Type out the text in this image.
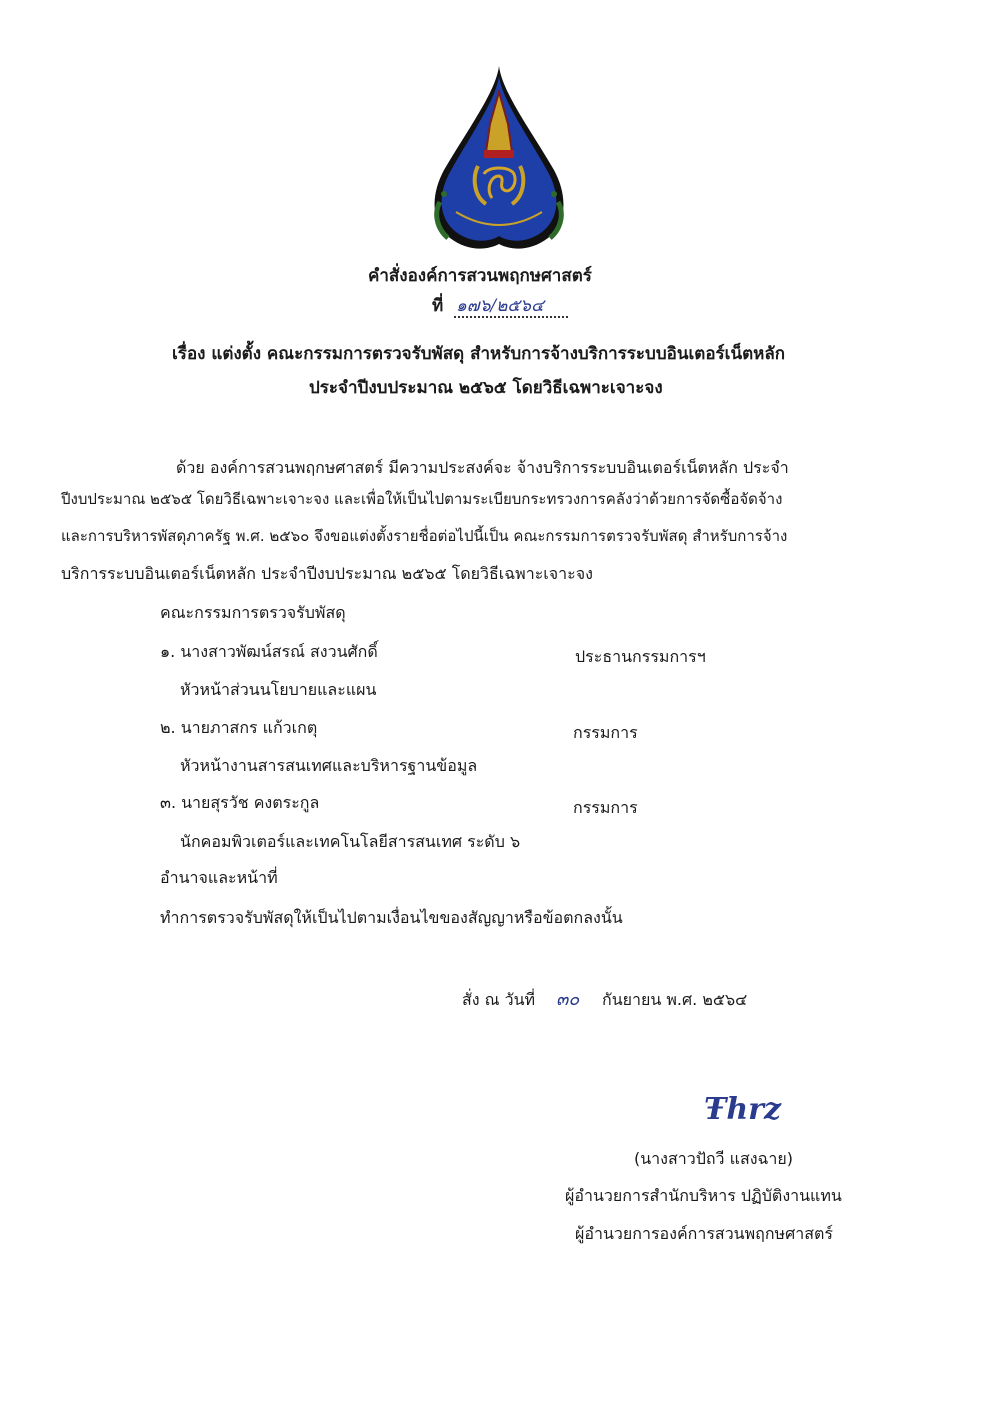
คำสั่งองค์การสวนพฤกษศาสตร์
ที่ ๑๗๖/๒๕๖๔
เรื่อง แต่งตั้ง คณะกรรมการตรวจรับพัสดุ สำหรับการจ้างบริการระบบอินเตอร์เน็ตหลัก
ประจำปีงบประมาณ ๒๕๖๕ โดยวิธีเฉพาะเจาะจง
ด้วย องค์การสวนพฤกษศาสตร์ มีความประสงค์จะ จ้างบริการระบบอินเตอร์เน็ตหลัก ประจำ
ปีงบประมาณ ๒๕๖๕ โดยวิธีเฉพาะเจาะจง และเพื่อให้เป็นไปตามระเบียบกระทรวงการคลังว่าด้วยการจัดซื้อจัดจ้าง
และการบริหารพัสดุภาครัฐ พ.ศ. ๒๕๖๐ จึงขอแต่งตั้งรายชื่อต่อไปนี้เป็น คณะกรรมการตรวจรับพัสดุ สำหรับการจ้าง
บริการระบบอินเตอร์เน็ตหลัก ประจำปีงบประมาณ ๒๕๖๕ โดยวิธีเฉพาะเจาะจง
คณะกรรมการตรวจรับพัสดุ
๑. นางสาวพัฒน์สรณ์ สงวนศักดิ์	ประธานกรรมการฯ
หัวหน้าส่วนนโยบายและแผน
๒. นายภาสกร แก้วเกตุ	กรรมการ
หัวหน้างานสารสนเทศและบริหารฐานข้อมูล
๓. นายสุรวัช คงตระกูล	กรรมการ
นักคอมพิวเตอร์และเทคโนโลยีสารสนเทศ ระดับ ๖
อำนาจและหน้าที่
ทำการตรวจรับพัสดุให้เป็นไปตามเงื่อนไขของสัญญาหรือข้อตกลงนั้น
สั่ง ณ วันที่ ๓๐ กันยายน พ.ศ. ๒๕๖๔
Ŧhrz
(นางสาวปัถวี แสงฉาย)
ผู้อำนวยการสำนักบริหาร ปฏิบัติงานแทน
ผู้อำนวยการองค์การสวนพฤกษศาสตร์
